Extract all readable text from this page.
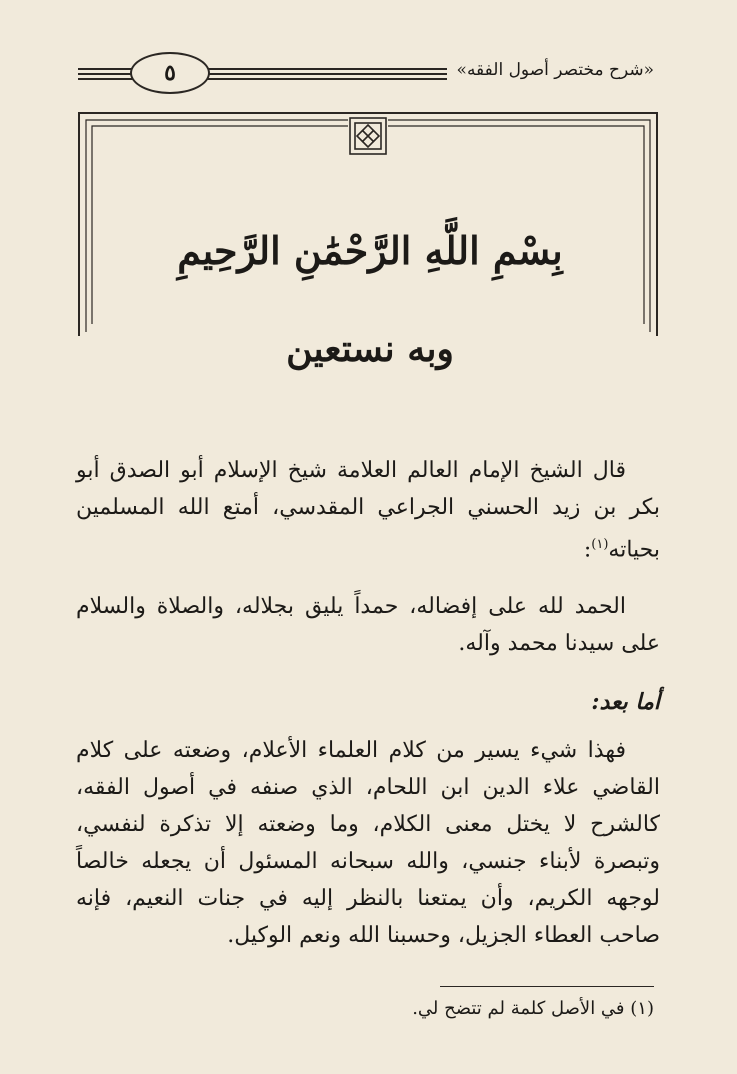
«شرح مختصر أصول الفقه»
٥
بِسْمِ اللَّهِ الرَّحْمَٰنِ الرَّحِيمِ
وبه نستعين
قال الشيخ الإمام العالم العلامة شيخ الإسلام أبو الصدق أبو بكر بن زيد الحسني الجراعي المقدسي، أمتع الله المسلمين بحياته$^{(١)}$:
الحمد لله على إفضاله، حمداً يليق بجلاله، والصلاة والسلام على سيدنا محمد وآله.
أما بعد:
فهذا شيء يسير من كلام العلماء الأعلام، وضعته على كلام القاضي علاء الدين ابن اللحام، الذي صنفه في أصول الفقه، كالشرح لا يختل معنى الكلام، وما وضعته إلا تذكرة لنفسي، وتبصرة لأبناء جنسي، والله سبحانه المسئول أن يجعله خالصاً لوجهه الكريم، وأن يمتعنا بالنظر إليه في جنات النعيم، فإنه صاحب العطاء الجزيل، وحسبنا الله ونعم الوكيل.
(١) في الأصل كلمة لم تتضح لي.
